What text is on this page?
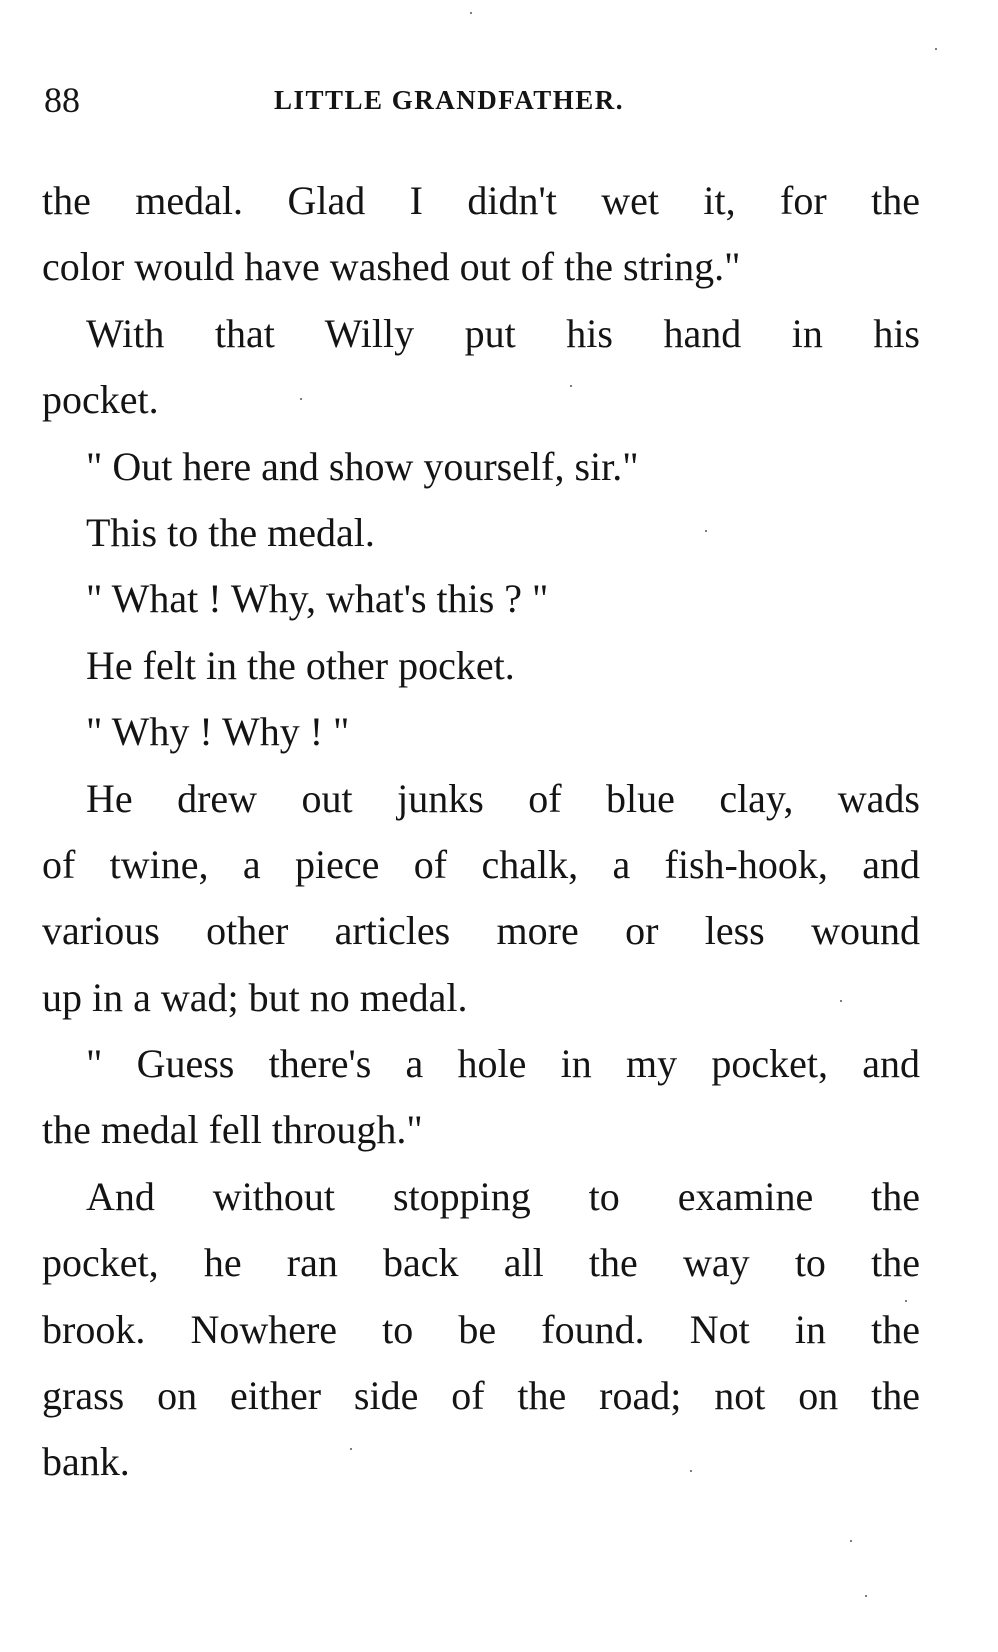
88	LITTLE GRANDFATHER.
the medal. Glad I didn't wet it, for the
color would have washed out of the string."
With that Willy put his hand in his
pocket.
" Out here and show yourself, sir."
This to the medal.
" What ! Why, what's this ? "
He felt in the other pocket.
" Why ! Why ! "
He drew out junks of blue clay, wads
of twine, a piece of chalk, a fish-hook, and
various other articles more or less wound
up in a wad; but no medal.
" Guess there's a hole in my pocket, and
the medal fell through."
And without stopping to examine the
pocket, he ran back all the way to the
brook. Nowhere to be found. Not in the
grass on either side of the road; not on the
bank.
